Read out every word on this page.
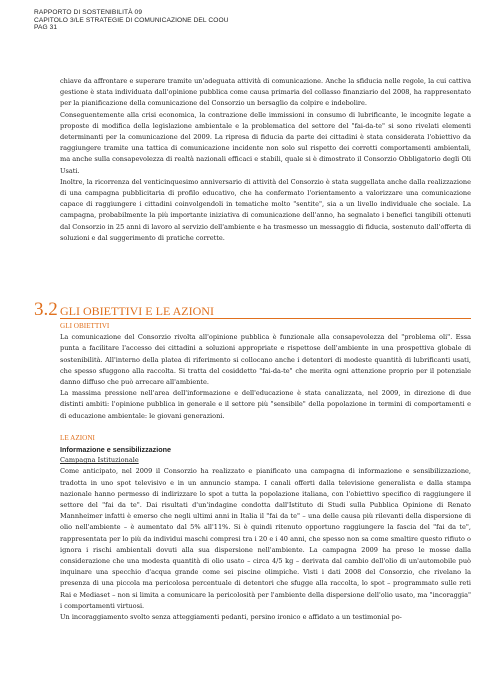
RAPPORTO DI SOSTENIBILITÀ 09
CAPITOLO 3/LE STRATEGIE DI COMUNICAZIONE DEL COOU
PAG 31

chiave da affrontare e superare tramite un'adeguata attività di comunicazione. Anche la sfiducia nelle regole, la cui cattiva gestione è stata individuata dall'opinione pubblica come causa primaria del collasso finanziario del 2008, ha rappresentato per la pianificazione della comunicazione del Consorzio un bersaglio da colpire e indebolire.

Conseguentemente alla crisi economica, la contrazione delle immissioni in consumo di lubrificante, le incognite legate a proposte di modifica della legislazione ambientale e la problematica del settore del "fai-da-te" si sono rivelati elementi determinanti per la comunicazione del 2009. La ripresa di fiducia da parte dei cittadini è stata considerata l'obiettivo da raggiungere tramite una tattica di comunicazione incidente non solo sul rispetto dei corretti comportamenti ambientali, ma anche sulla consapevolezza di realtà nazionali efficaci e stabili, quale si è dimostrato il Consorzio Obbligatorio degli Oli Usati.

Inoltre, la ricorrenza del venticinquesimo anniversario di attività del Consorzio è stata suggellata anche dalla realizzazione di una campagna pubblicitaria di profilo educativo, che ha confermato l'orientamento a valorizzare una comunicazione capace di raggiungere i cittadini coinvolgendoli in tematiche molto "sentite", sia a un livello individuale che sociale. La campagna, probabilmente la più importante iniziativa di comunicazione dell'anno, ha segnalato i benefici tangibili ottenuti dal Consorzio in 25 anni di lavoro al servizio dell'ambiente e ha trasmesso un messaggio di fiducia, sostenuto dall'offerta di soluzioni e dal suggerimento di pratiche corrette.

3.2 GLI OBIETTIVI E LE AZIONI
GLI OBIETTIVI

La comunicazione del Consorzio rivolta all'opinione pubblica è funzionale alla consapevolezza del "problema oli". Essa punta a facilitare l'accesso dei cittadini a soluzioni appropriate e rispettose dell'ambiente in una prospettiva globale di sostenibilità. All'interno della platea di riferimento si collocano anche i detentori di modeste quantità di lubrificanti usati, che spesso sfuggono alla raccolta. Si tratta del cosiddetto "fai-da-te" che merita ogni attenzione proprio per il potenziale danno diffuso che può arrecare all'ambiente.

La massima pressione nell'area dell'informazione e dell'educazione è stata canalizzata, nel 2009, in direzione di due distinti ambiti: l'opinione pubblica in generale e il settore più "sensibile" della popolazione in termini di comportamenti e di educazione ambientale: le giovani generazioni.

LE AZIONI
Informazione e sensibilizzazione
Campagna Istituzionale

Come anticipato, nel 2009 il Consorzio ha realizzato e pianificato una campagna di informazione e sensibilizzazione, tradotta in uno spot televisivo e in un annuncio stampa. I canali offerti dalla televisione generalista e dalla stampa nazionale hanno permesso di indirizzare lo spot a tutta la popolazione italiana, con l'obiettivo specifico di raggiungere il settore del "fai da te". Dai risultati d'un'indagine condotta dall'Istituto di Studi sulla Pubblica Opinione di Renato Mannheimer infatti è emerso che negli ultimi anni in Italia il "fai da te" – una delle causa più rilevanti della dispersione di olio nell'ambiente – è aumentato dal 5% all'11%. Si è quindi ritenuto opportuno raggiungere la fascia del "fai da te", rappresentata per lo più da individui maschi compresi tra i 20 e i 40 anni, che spesso non sa come smaltire questo rifiuto o ignora i rischi ambientali dovuti alla sua dispersione nell'ambiente. La campagna 2009 ha preso le mosse dalla considerazione che una modesta quantità di olio usato – circa 4/5 kg – derivata dal cambio dell'olio di un'automobile può inquinare una specchio d'acqua grande come sei piscine olimpiche. Visti i dati 2008 del Consorzio, che rivelano la presenza di una piccola ma pericolosa percentuale di detentori che sfugge alla raccolta, lo spot – programmato sulle reti Rai e Mediaset – non si limita a comunicare la pericolosità per l'ambiente della dispersione dell'olio usato, ma "incoraggia" i comportamenti virtuosi.

Un incoraggiamento svolto senza atteggiamenti pedanti, persino ironico e affidato a un testimonial po-
